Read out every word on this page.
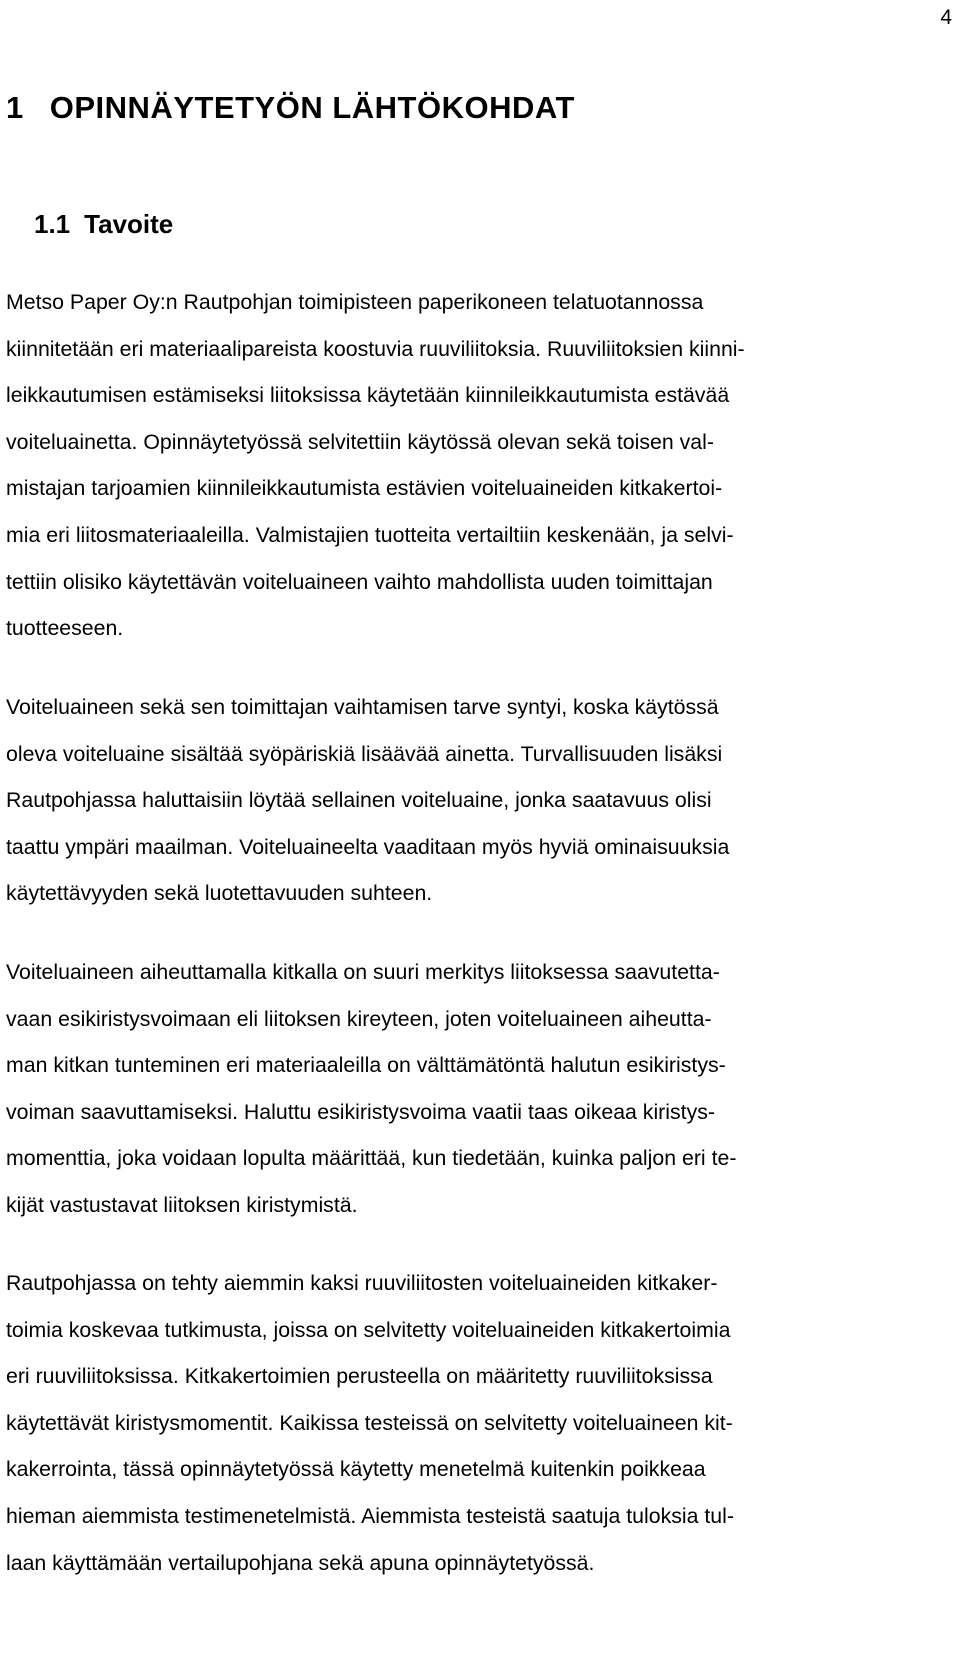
4
1 OPINNÄYTETYÖN LÄHTÖKOHDAT
1.1 Tavoite

Metso Paper Oy:n Rautpohjan toimipisteen paperikoneen telatuotannossa
kiinnitetään eri materiaalipareista koostuvia ruuviliitoksia. Ruuviliitoksien kiinni-
leikkautumisen estämiseksi liitoksissa käytetään kiinnileikkautumista estävää
voiteluainetta. Opinnäytetyössä selvitettiin käytössä olevan sekä toisen val-
mistajan tarjoamien kiinnileikkautumista estävien voiteluaineiden kitkakertoi-
mia eri liitosmateriaaleilla. Valmistajien tuotteita vertailtiin keskenään, ja selvi-
tettiin olisiko käytettävän voiteluaineen vaihto mahdollista uuden toimittajan
tuotteeseen.

Voiteluaineen sekä sen toimittajan vaihtamisen tarve syntyi, koska käytössä
oleva voiteluaine sisältää syöpäriskiä lisäävää ainetta. Turvallisuuden lisäksi
Rautpohjassa haluttaisiin löytää sellainen voiteluaine, jonka saatavuus olisi
taattu ympäri maailman. Voiteluaineelta vaaditaan myös hyviä ominaisuuksia
käytettävyyden sekä luotettavuuden suhteen.

Voiteluaineen aiheuttamalla kitkalla on suuri merkitys liitoksessa saavutetta-
vaan esikiristysvoimaan eli liitoksen kireyteen, joten voiteluaineen aiheutta-
man kitkan tunteminen eri materiaaleilla on välttämätöntä halutun esikiristys-
voiman saavuttamiseksi. Haluttu esikiristysvoima vaatii taas oikeaa kiristys-
momenttia, joka voidaan lopulta määrittää, kun tiedetään, kuinka paljon eri te-
kijät vastustavat liitoksen kiristymistä.

Rautpohjassa on tehty aiemmin kaksi ruuviliitosten voiteluaineiden kitkaker-
toimia koskevaa tutkimusta, joissa on selvitetty voiteluaineiden kitkakertoimia
eri ruuviliitoksissa. Kitkakertoimien perusteella on määritetty ruuviliitoksissa
käytettävät kiristysmomentit. Kaikissa testeissä on selvitetty voiteluaineen kit-
kakerrointa, tässä opinnäytetyössä käytetty menetelmä kuitenkin poikkeaa
hieman aiemmista testimenetelmistä. Aiemmista testeistä saatuja tuloksia tul-
laan käyttämään vertailupohjana sekä apuna opinnäytetyössä.
